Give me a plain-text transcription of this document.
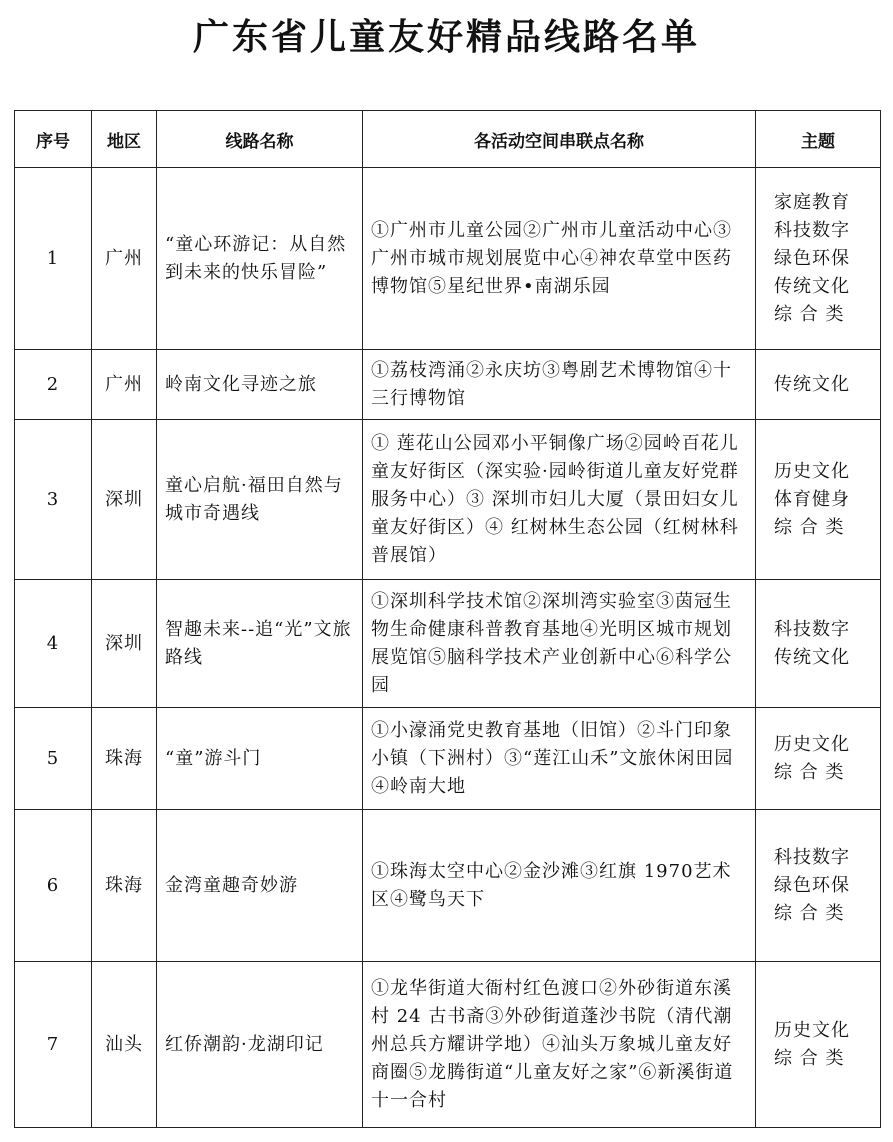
广东省儿童友好精品线路名单
序号	地区	线路名称	各活动空间串联点名称	主题
1	广州	“童心环游记：从自然到未来的快乐冒险”	①广州市儿童公园②广州市儿童活动中心③广州市城市规划展览中心④神农草堂中医药博物馆⑤星纪世界•南湖乐园	家庭教育
科技数字
绿色环保
传统文化
综 合 类

2	广州	岭南文化寻迹之旅	①荔枝湾涌②永庆坊③粤剧艺术博物馆④十三行博物馆	传统文化

3	深圳	童心启航·福田自然与城市奇遇线	① 莲花山公园邓小平铜像广场②园岭百花儿童友好街区（深实验·园岭街道儿童友好党群服务中心）③ 深圳市妇儿大厦（景田妇女儿童友好街区）④ 红树林生态公园（红树林科普展馆）	历史文化
体育健身
综 合 类

4	深圳	智趣未来--追“光”文旅路线	①深圳科学技术馆②深圳湾实验室③茵冠生物生命健康科普教育基地④光明区城市规划展览馆⑤脑科学技术产业创新中心⑥科学公园	科技数字
传统文化

5	珠海	“童”游斗门	①小濠涌党史教育基地（旧馆）②斗门印象小镇（下洲村）③“莲江山禾”文旅休闲田园④岭南大地	历史文化
综 合 类

6	珠海	金湾童趣奇妙游	①珠海太空中心②金沙滩③红旗 1970艺术区④鹭鸟天下	科技数字
绿色环保
综 合 类

7	汕头	红侨潮韵·龙湖印记	①龙华街道大衙村红色渡口②外砂街道东溪村 24 古书斋③外砂街道蓬沙书院（清代潮州总兵方耀讲学地）④汕头万象城儿童友好商圈⑤龙腾街道“儿童友好之家”⑥新溪街道十一合村	历史文化
综 合 类
